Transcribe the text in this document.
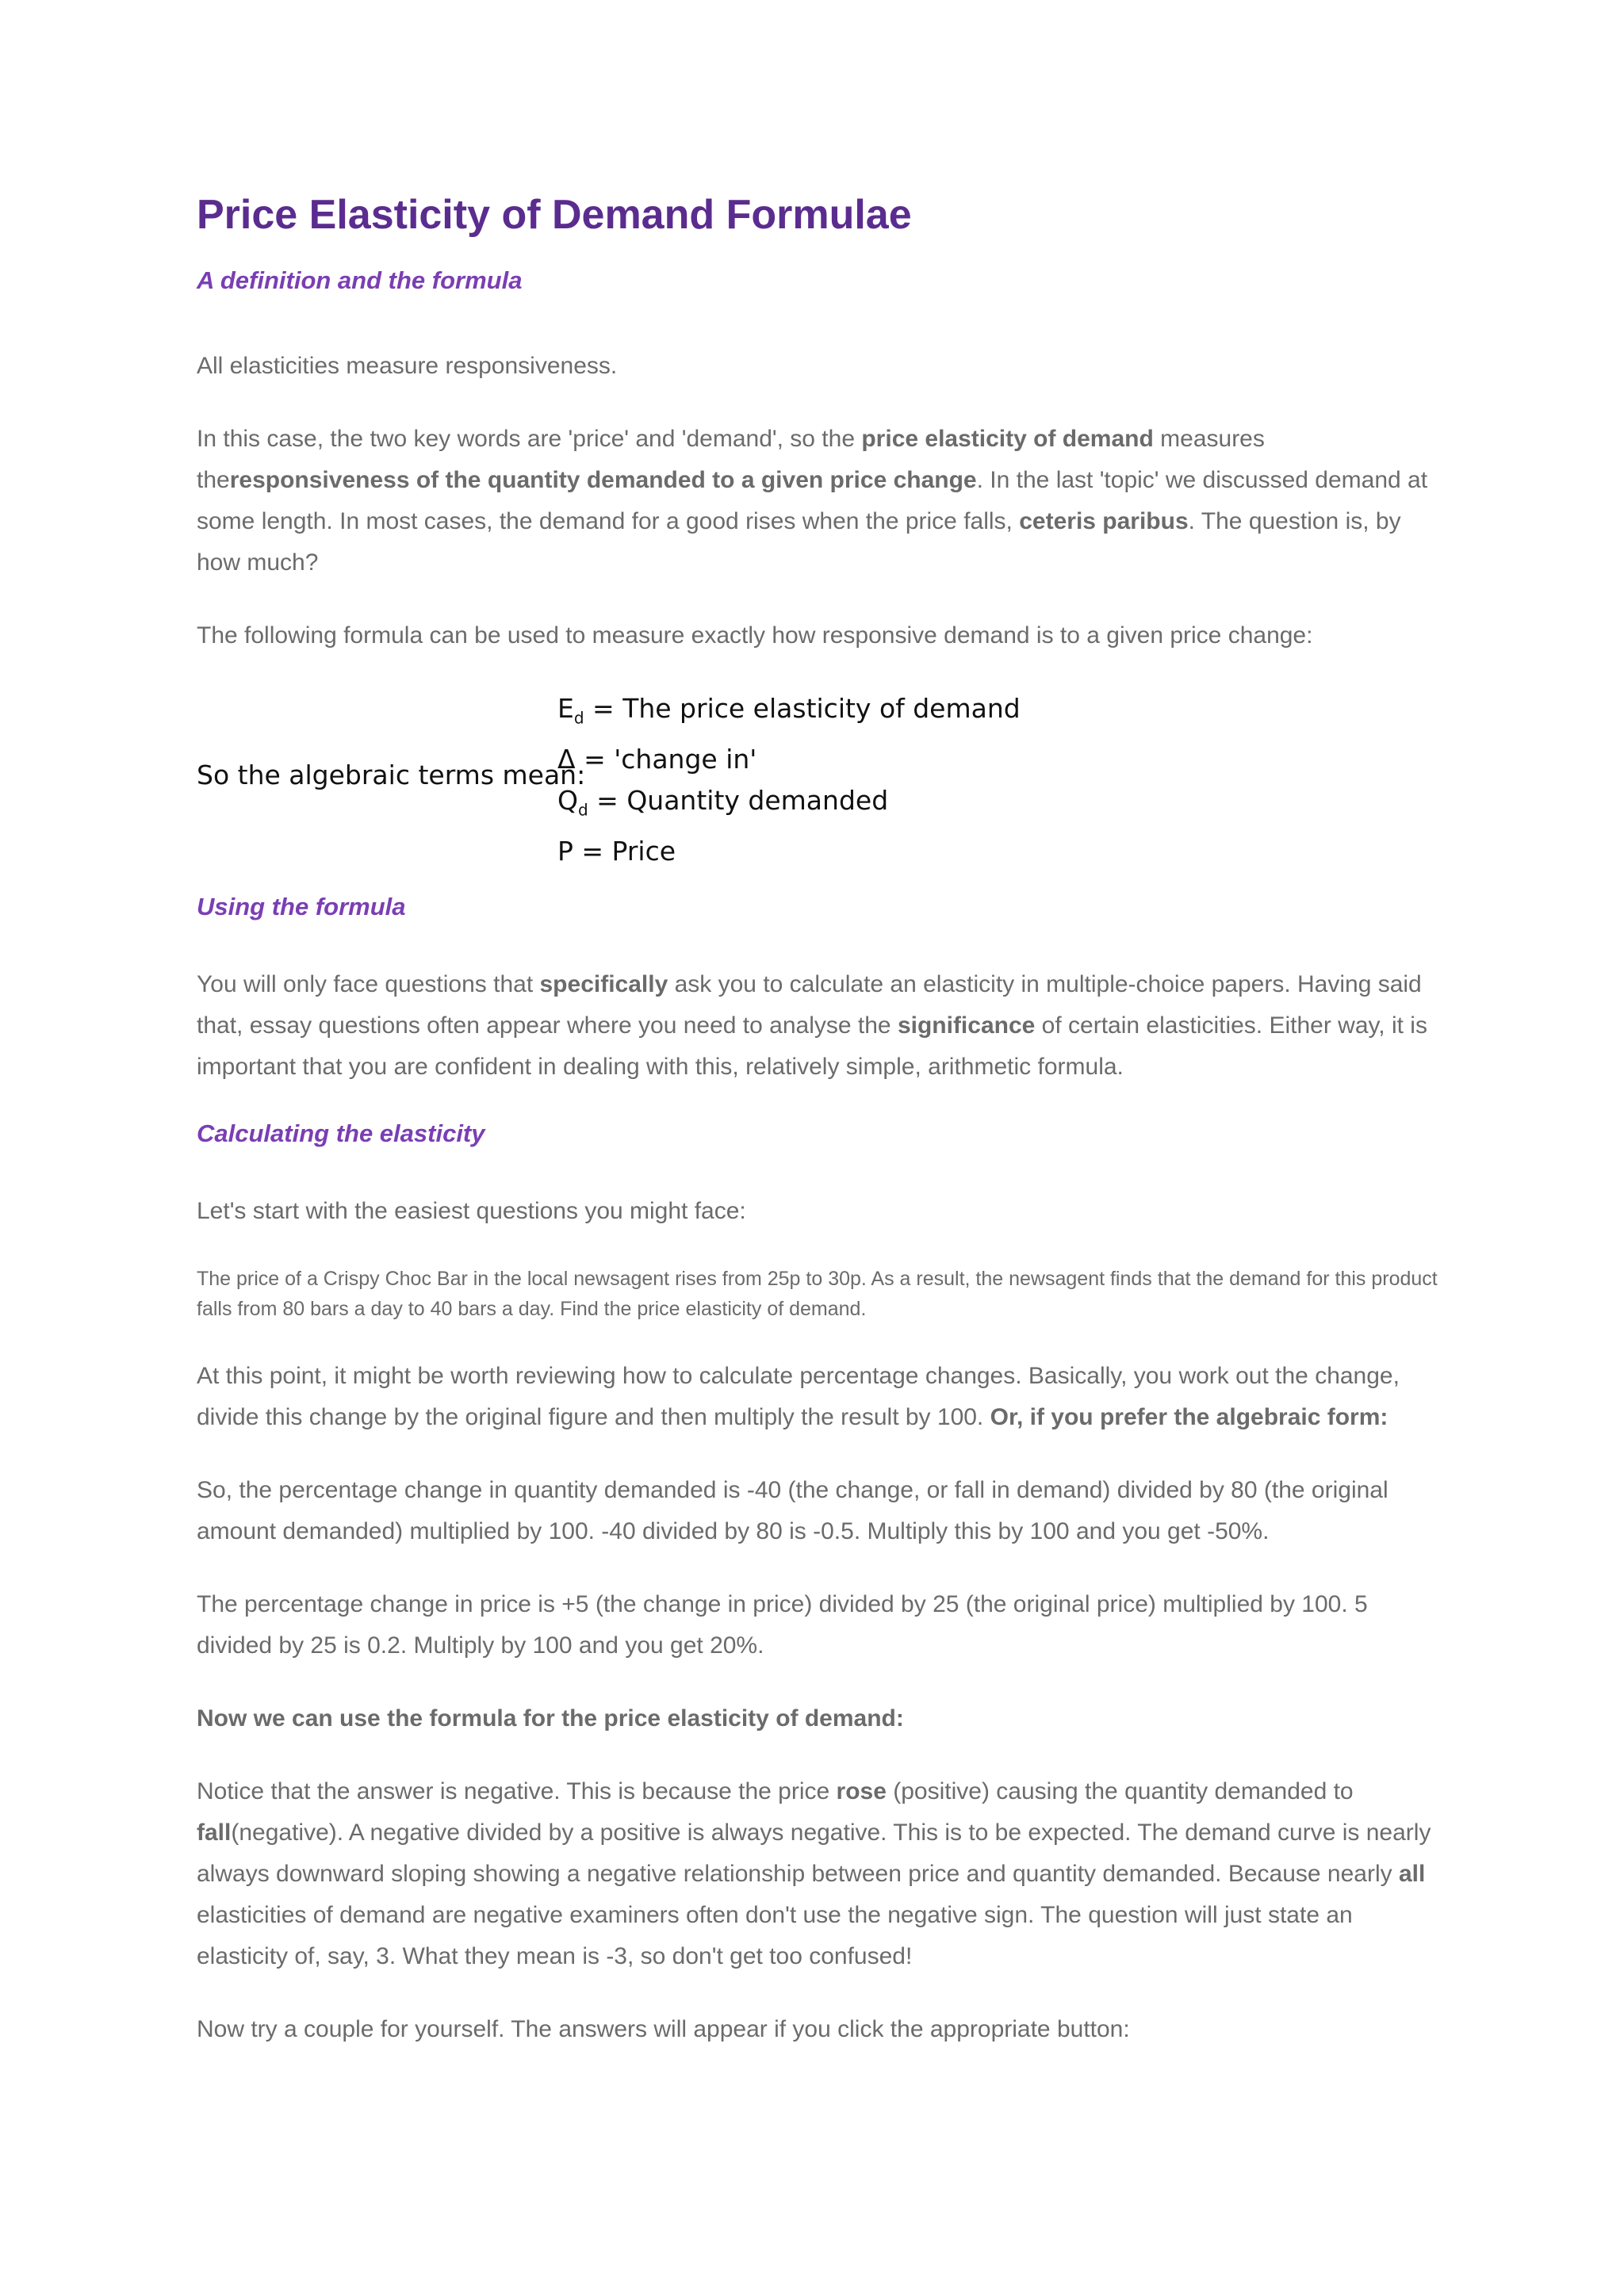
Price Elasticity of Demand Formulae
A definition and the formula

All elasticities measure responsiveness.

In this case, the two key words are 'price' and 'demand', so the price elasticity of demand measures theresponsiveness of the quantity demanded to a given price change. In the last 'topic' we discussed demand at some length. In most cases, the demand for a good rises when the price falls, ceteris paribus. The question is, by how much?

The following formula can be used to measure exactly how responsive demand is to a given price change:

So the algebraic terms mean:
$E_d$ = The price elasticity of demand
Δ = 'change in'
$Q_d$ = Quantity demanded
P = Price
Using the formula

You will only face questions that specifically ask you to calculate an elasticity in multiple-choice papers. Having said that, essay questions often appear where you need to analyse the significance of certain elasticities. Either way, it is important that you are confident in dealing with this, relatively simple, arithmetic formula.

Calculating the elasticity

Let's start with the easiest questions you might face:

The price of a Crispy Choc Bar in the local newsagent rises from 25p to 30p. As a result, the newsagent finds that the demand for this product falls from 80 bars a day to 40 bars a day. Find the price elasticity of demand.

At this point, it might be worth reviewing how to calculate percentage changes. Basically, you work out the change, divide this change by the original figure and then multiply the result by 100. Or, if you prefer the algebraic form:

So, the percentage change in quantity demanded is -40 (the change, or fall in demand) divided by 80 (the original amount demanded) multiplied by 100. -40 divided by 80 is -0.5. Multiply this by 100 and you get -50%.

The percentage change in price is +5 (the change in price) divided by 25 (the original price) multiplied by 100. 5 divided by 25 is 0.2. Multiply by 100 and you get 20%.

Now we can use the formula for the price elasticity of demand:

Notice that the answer is negative. This is because the price rose (positive) causing the quantity demanded to fall(negative). A negative divided by a positive is always negative. This is to be expected. The demand curve is nearly always downward sloping showing a negative relationship between price and quantity demanded. Because nearly all elasticities of demand are negative examiners often don't use the negative sign. The question will just state an elasticity of, say, 3. What they mean is -3, so don't get too confused!

Now try a couple for yourself. The answers will appear if you click the appropriate button:
